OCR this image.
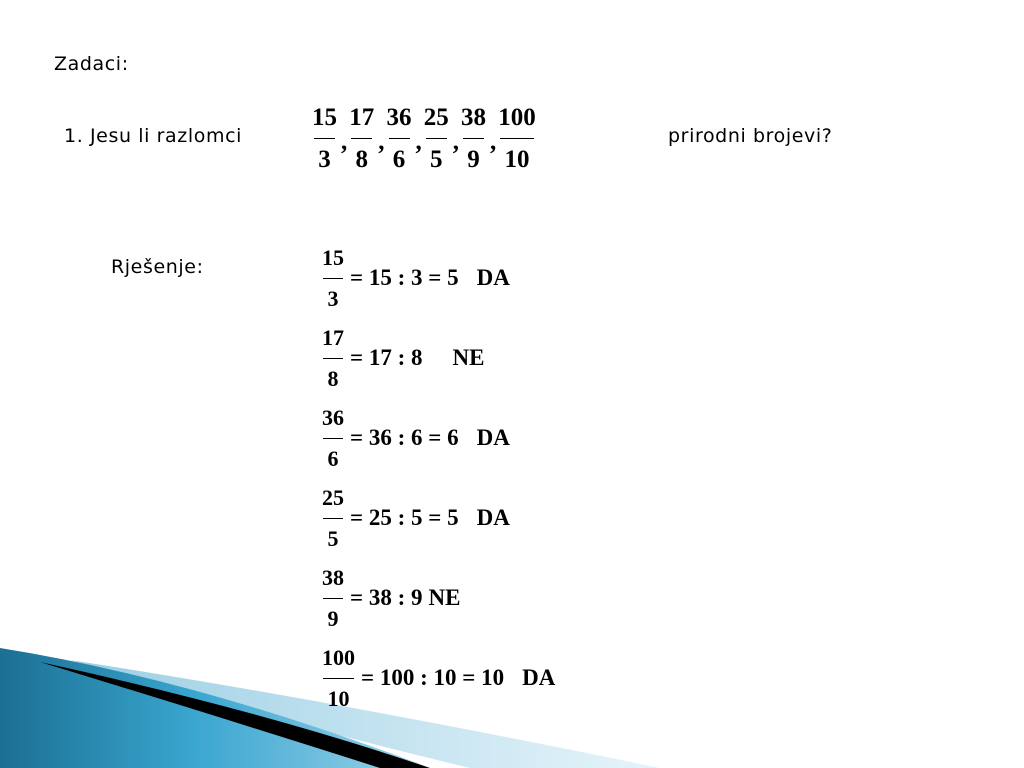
Zadaci:
1. Jesu li razlomci	$\frac{15}{3}$ , $\frac{17}{8}$ , $\frac{36}{6}$ , $\frac{25}{5}$ , $\frac{38}{9}$ , $\frac{100}{10}$	prirodni brojevi?
Rješenje:	$\frac{15}{3} = 15$ : 3 = 5 DA
$\frac{17}{8} = 17$ : 8 NE
$\frac{36}{6} = 36$ : 6 = 6 DA
$\frac{25}{5} = 25$ : 5 = 5 DA
$\frac{38}{9} = 38$ : 9 NE
$\frac{100}{10} = 100$ : 10 = 10 DA
